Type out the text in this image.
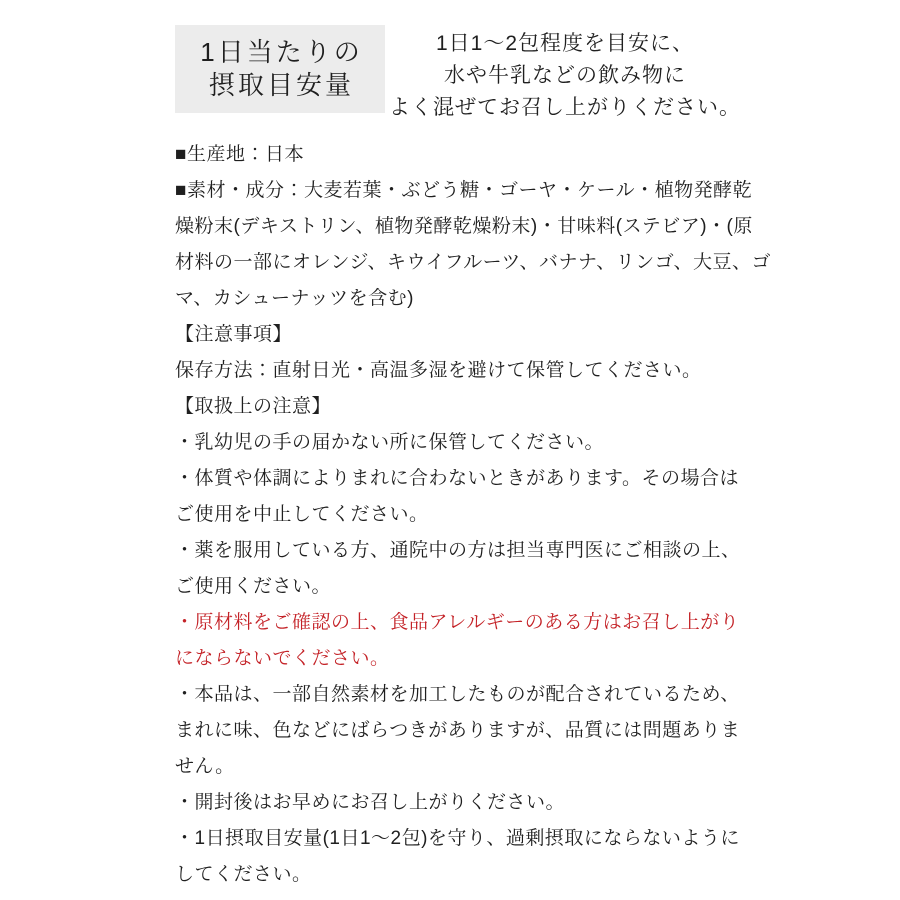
1日当たりの
摂取目安量
1日1〜2包程度を目安に、
水や牛乳などの飲み物に
よく混ぜてお召し上がりください。
■生産地：日本
■素材・成分：大麦若葉・ぶどう糖・ゴーヤ・ケール・植物発酵乾
燥粉末(デキストリン、植物発酵乾燥粉末)・甘味料(ステビア)・(原
材料の一部にオレンジ、キウイフルーツ、バナナ、リンゴ、大豆、ゴ
マ、カシューナッツを含む)
【注意事項】
保存方法：直射日光・高温多湿を避けて保管してください。
【取扱上の注意】
・乳幼児の手の届かない所に保管してください。
・体質や体調によりまれに合わないときがあります。その場合は
ご使用を中止してください。
・薬を服用している方、通院中の方は担当専門医にご相談の上、
ご使用ください。
・原材料をご確認の上、食品アレルギーのある方はお召し上がり
にならないでください。
・本品は、一部自然素材を加工したものが配合されているため、
まれに味、色などにばらつきがありますが、品質には問題ありま
せん。
・開封後はお早めにお召し上がりください。
・1日摂取目安量(1日1〜2包)を守り、過剰摂取にならないように
してください。
